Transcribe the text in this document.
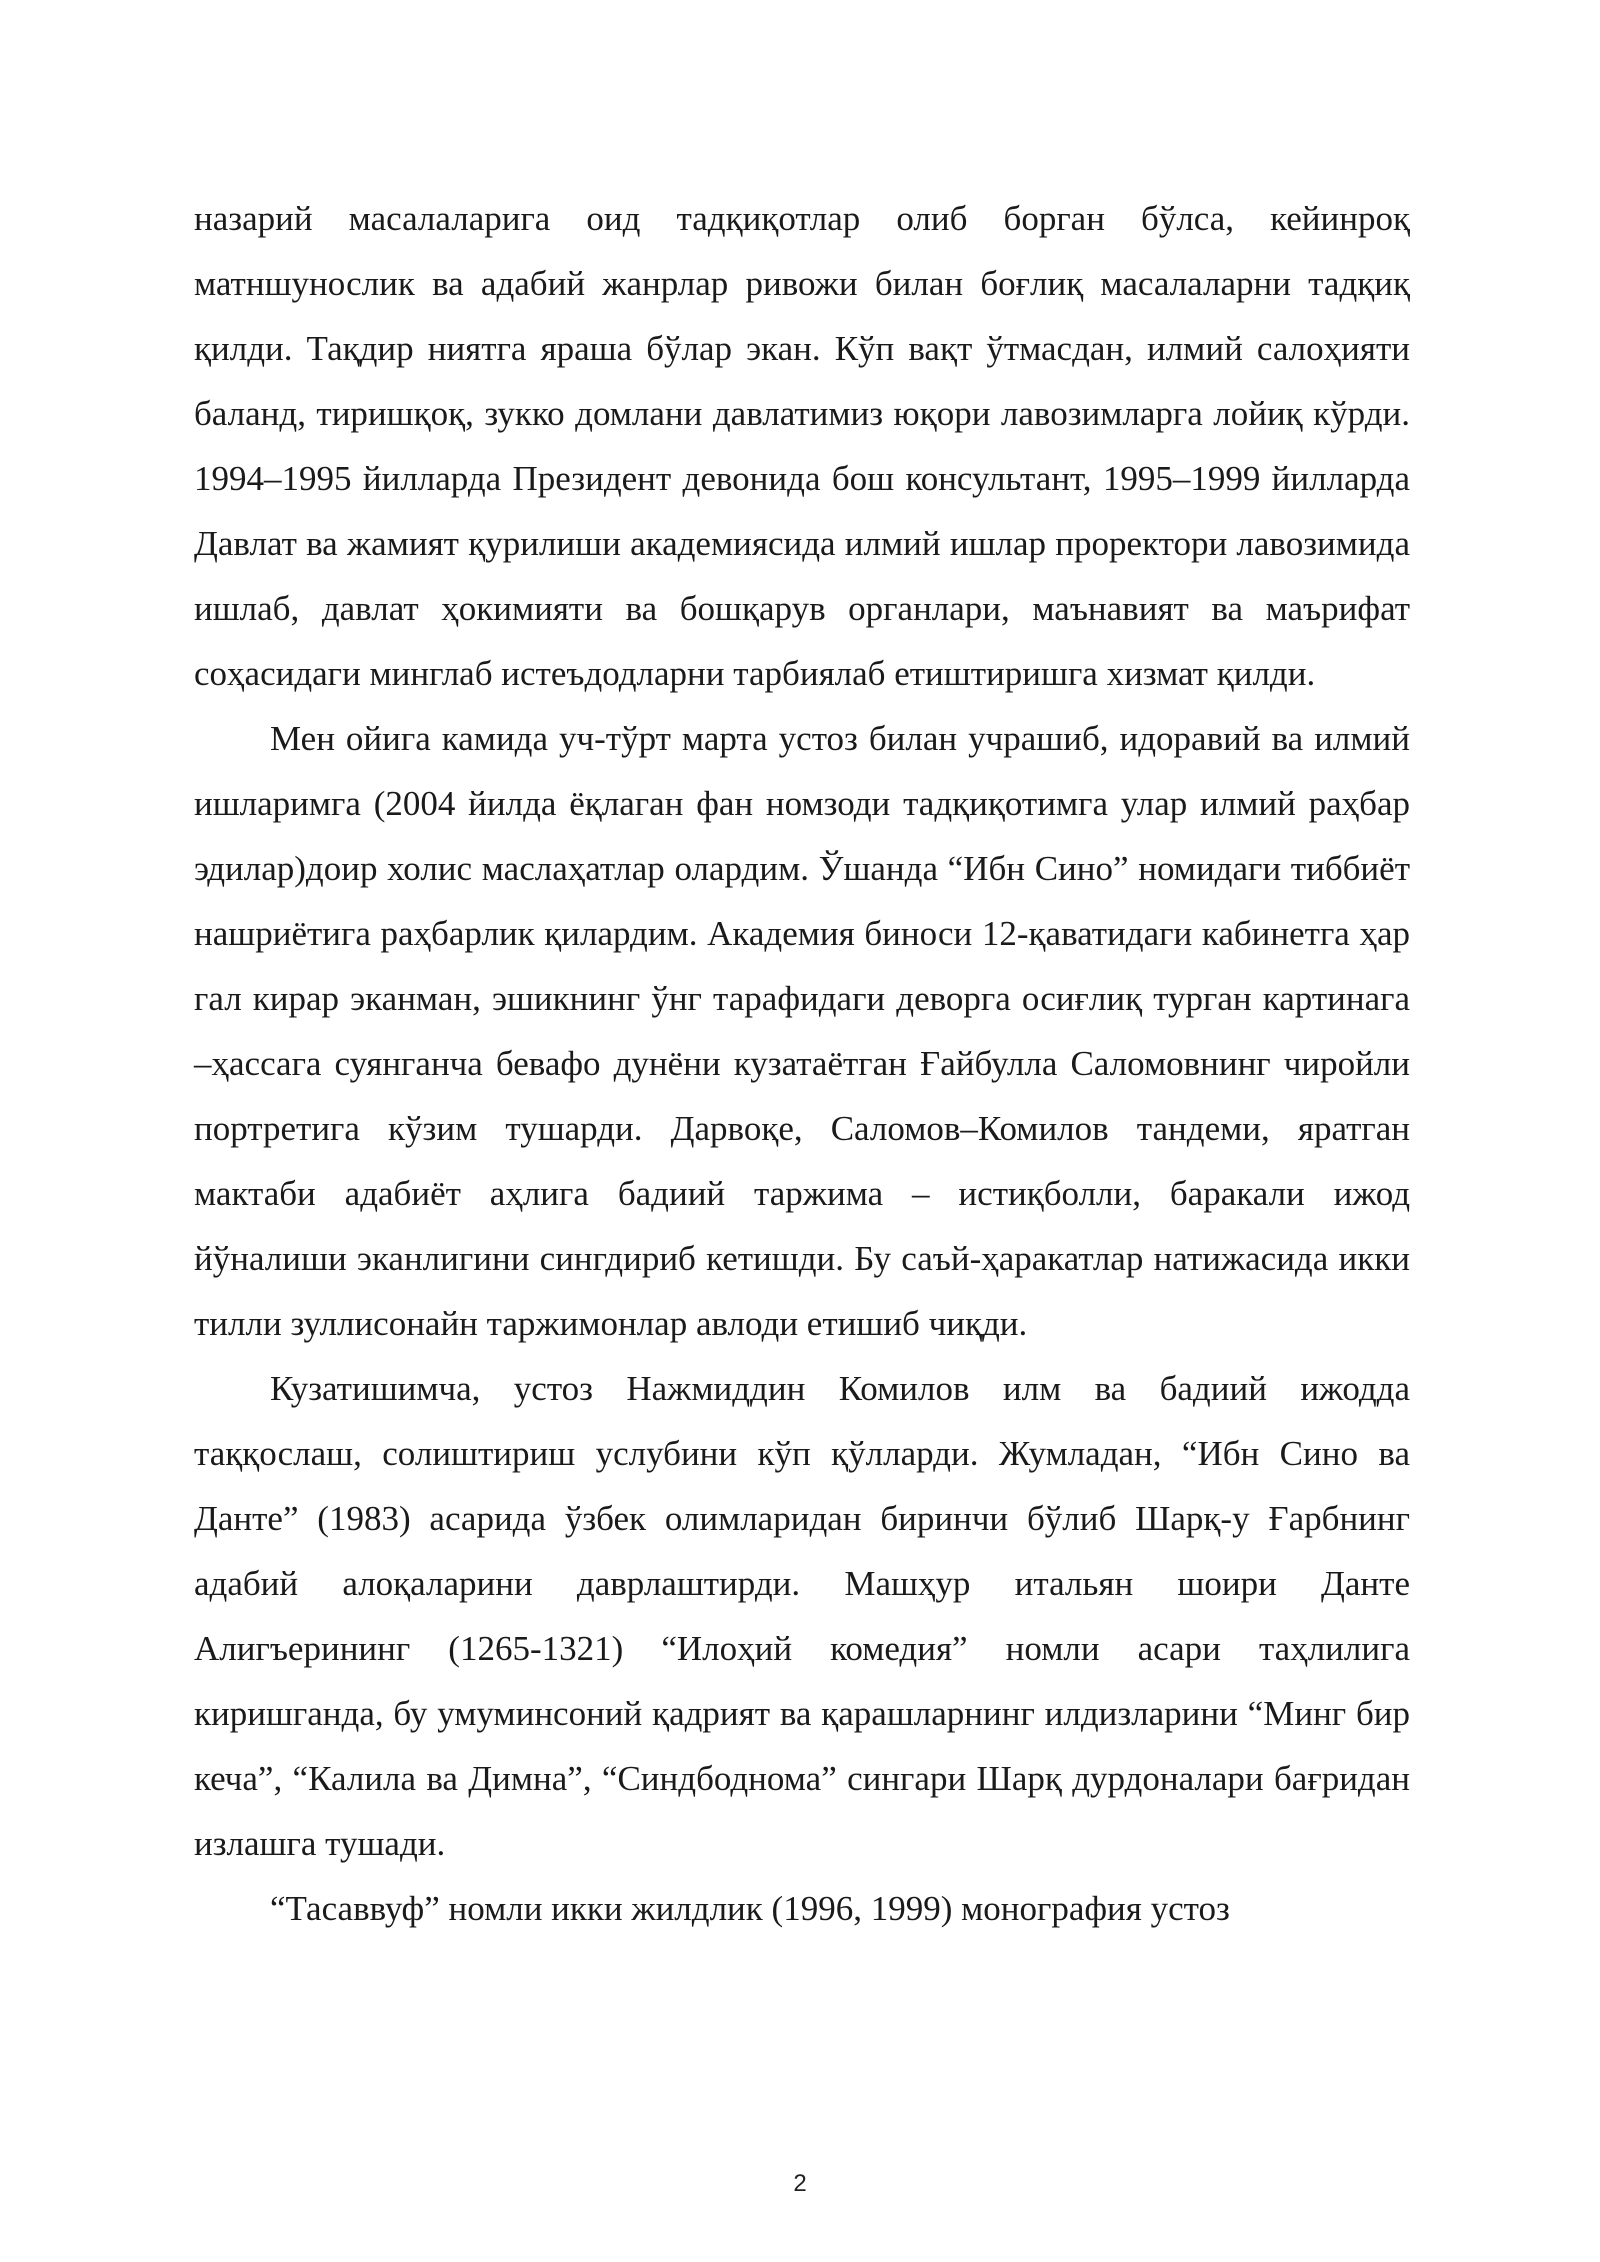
назарий масалаларига оид тадқиқотлар олиб борган бўлса, кейинроқ матншунослик ва адабий жанрлар ривожи билан боғлиқ масалаларни тадқиқ қилди. Тақдир ниятга яраша бўлар экан. Кўп вақт ўтмасдан, илмий салоҳияти баланд, тиришқоқ, зукко домлани давлатимиз юқори лавозимларга лойиқ кўрди. 1994–1995 йилларда Президент девонида бош консультант, 1995–1999 йилларда Давлат ва жамият қурилиши академиясида илмий ишлар проректори лавозимида ишлаб, давлат ҳокимияти ва бошқарув органлари, маънавият ва маърифат соҳасидаги минглаб истеъдодларни тарбиялаб етиштиришга хизмат қилди.

Мен ойига камида уч-тўрт марта устоз билан учрашиб, идоравий ва илмий ишларимга (2004 йилда ёқлаган фан номзоди тадқиқотимга улар илмий раҳбар эдилар)доир холис маслаҳатлар олардим. Ўшанда “Ибн Сино” номидаги тиббиёт нашриётига раҳбарлик қилардим. Академия биноси 12-қаватидаги кабинетга ҳар гал кирар эканман, эшикнинг ўнг тарафидаги деворга осиғлиқ турган картинага –ҳассага суянганча бевафо дунёни кузатаётган Ғайбулла Саломовнинг чиройли портретига кўзим тушарди. Дарвоқе, Саломов–Комилов тандеми, яратган мактаби адабиёт аҳлига бадиий таржима – истиқболли, баракали ижод йўналиши эканлигини сингдириб кетишди. Бу саъй-ҳаракатлар натижасида икки тилли зуллисонайн таржимонлар авлоди етишиб чиқди.

Кузатишимча, устоз Нажмиддин Комилов илм ва бадиий ижодда таққослаш, солиштириш услубини кўп қўлларди. Жумладан, “Ибн Сино ва Данте” (1983) асарида ўзбек олимларидан биринчи бўлиб Шарқ-у Ғарбнинг адабий алоқаларини даврлаштирди. Машҳур итальян шоири Данте Алигъерининг (1265-1321) “Илоҳий комедия” номли асари таҳлилига киришганда, бу умуминсоний қадрият ва қарашларнинг илдизларини “Минг бир кеча”, “Калила ва Димна”, “Синдбоднома” сингари Шарқ дурдоналари бағридан излашга тушади.

“Тасаввуф” номли икки жилдлик (1996, 1999) монография устоз

2
